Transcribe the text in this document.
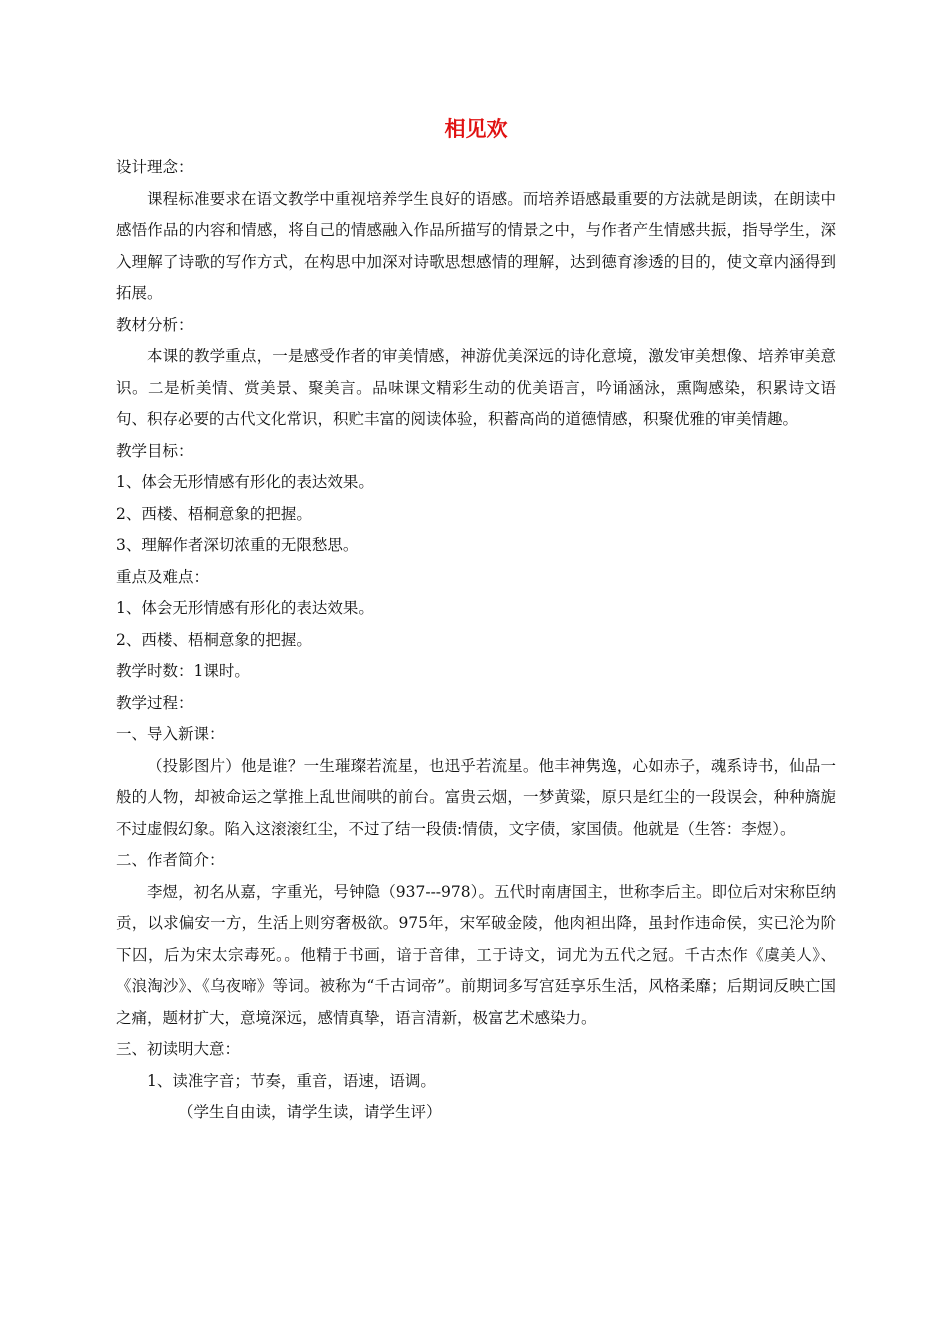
相见欢

设计理念：

课程标准要求在语文教学中重视培养学生良好的语感。而培养语感最重要的方法就是朗读，在朗读中感悟作品的内容和情感，将自己的情感融入作品所描写的情景之中，与作者产生情感共振，指导学生，深入理解了诗歌的写作方式，在构思中加深对诗歌思想感情的理解，达到德育渗透的目的，使文章内涵得到拓展。

教材分析：

本课的教学重点，一是感受作者的审美情感，神游优美深远的诗化意境，激发审美想像、培养审美意识。二是析美情、赏美景、聚美言。品味课文精彩生动的优美语言，吟诵涵泳，熏陶感染，积累诗文语句、积存必要的古代文化常识，积贮丰富的阅读体验，积蓄高尚的道德情感，积聚优雅的审美情趣。

教学目标：

1、体会无形情感有形化的表达效果。

2、西楼、梧桐意象的把握。

3、理解作者深切浓重的无限愁思。

重点及难点：

1、体会无形情感有形化的表达效果。

2、西楼、梧桐意象的把握。

教学时数：1课时。

教学过程：

一、导入新课：

（投影图片）他是谁？一生璀璨若流星，也迅乎若流星。他丰神隽逸，心如赤子，魂系诗书，仙品一般的人物，却被命运之掌推上乱世闹哄的前台。富贵云烟，一梦黄粱，原只是红尘的一段误会，种种旖旎不过虚假幻象。陷入这滚滚红尘，不过了结一段债:情债，文字债，家国债。他就是（生答：李煜）。

二、作者简介：

李煜，初名从嘉，字重光，号钟隐（937---978）。五代时南唐国主，世称李后主。即位后对宋称臣纳贡，以求偏安一方，生活上则穷奢极欲。975年，宋军破金陵，他肉袒出降，虽封作违命侯，实已沦为阶下囚，后为宋太宗毒死。。他精于书画，谙于音律，工于诗文，词尤为五代之冠。千古杰作《虞美人》、《浪淘沙》、《乌夜啼》等词。被称为“千古词帝”。前期词多写宫廷享乐生活，风格柔靡；后期词反映亡国之痛，题材扩大，意境深远，感情真挚，语言清新，极富艺术感染力。

三、初读明大意：

1、读准字音；节奏，重音，语速，语调。

（学生自由读，请学生读，请学生评）
